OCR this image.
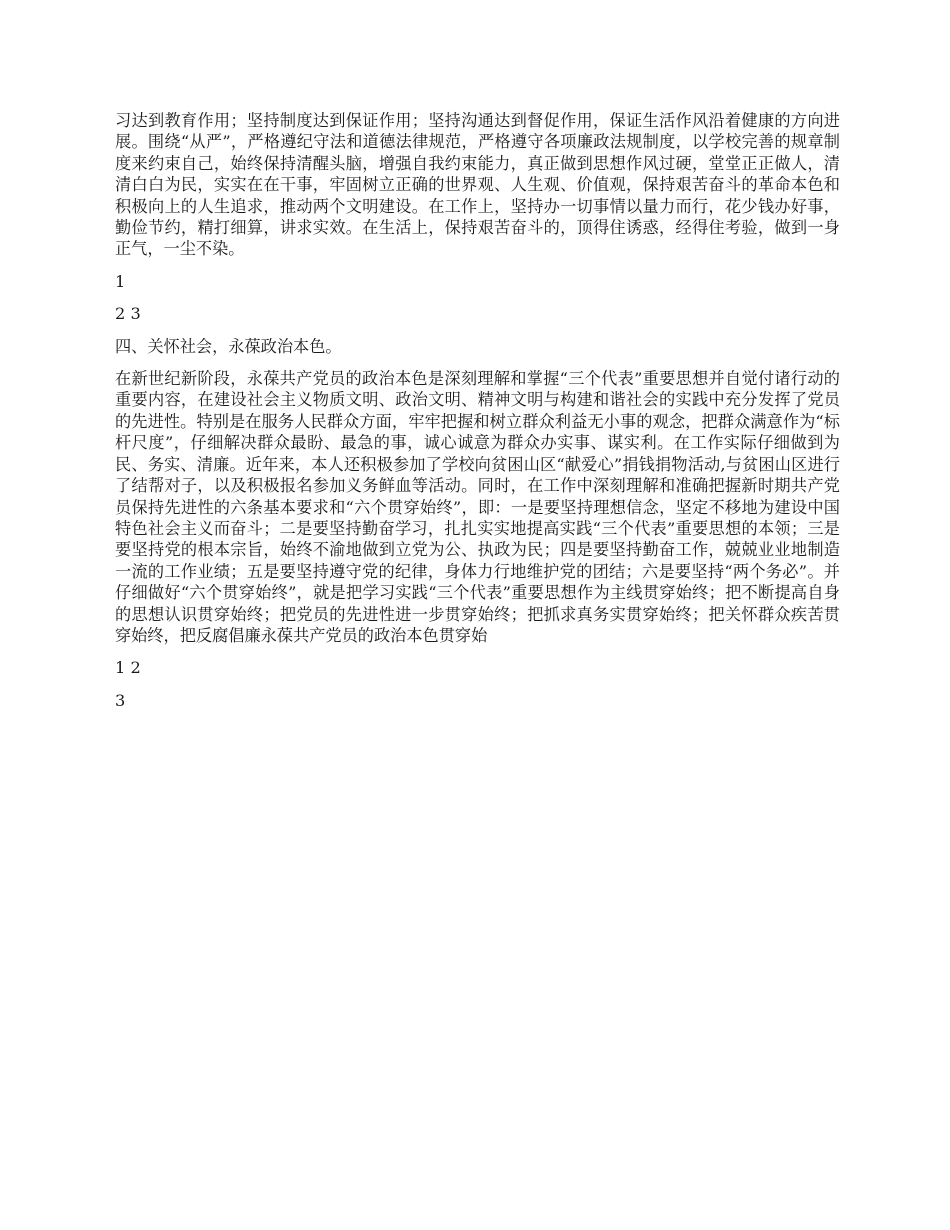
习达到教育作用；坚持制度达到保证作用；坚持沟通达到督促作用，保证生活作风沿着健康的方向进展。围绕“从严”，严格遵纪守法和道德法律规范，严格遵守各项廉政法规制度，以学校完善的规章制度来约束自己，始终保持清醒头脑，增强自我约束能力，真正做到思想作风过硬，堂堂正正做人，清清白白为民，实实在在干事，牢固树立正确的世界观、人生观、价值观，保持艰苦奋斗的革命本色和积极向上的人生追求，推动两个文明建设。在工作上，坚持办一切事情以量力而行，花少钱办好事，勤俭节约，精打细算，讲求实效。在生活上，保持艰苦奋斗的，顶得住诱惑，经得住考验，做到一身正气，一尘不染。

1

2 3

四、关怀社会，永葆政治本色。

在新世纪新阶段，永葆共产党员的政治本色是深刻理解和掌握“三个代表”重要思想并自觉付诸行动的重要内容，在建设社会主义物质文明、政治文明、精神文明与构建和谐社会的实践中充分发挥了党员的先进性。特别是在服务人民群众方面，牢牢把握和树立群众利益无小事的观念，把群众满意作为“标杆尺度”，仔细解决群众最盼、最急的事，诚心诚意为群众办实事、谋实利。在工作实际仔细做到为民、务实、清廉。近年来，本人还积极参加了学校向贫困山区“献爱心”捐钱捐物活动,与贫困山区进行了结帮对子，以及积极报名参加义务鲜血等活动。同时，在工作中深刻理解和准确把握新时期共产党员保持先进性的六条基本要求和“六个贯穿始终”，即：一是要坚持理想信念，坚定不移地为建设中国特色社会主义而奋斗；二是要坚持勤奋学习，扎扎实实地提高实践“三个代表”重要思想的本领；三是要坚持党的根本宗旨，始终不渝地做到立党为公、执政为民；四是要坚持勤奋工作，兢兢业业地制造一流的工作业绩；五是要坚持遵守党的纪律，身体力行地维护党的团结；六是要坚持“两个务必”。并仔细做好“六个贯穿始终”，就是把学习实践“三个代表”重要思想作为主线贯穿始终；把不断提高自身的思想认识贯穿始终；把党员的先进性进一步贯穿始终；把抓求真务实贯穿始终；把关怀群众疾苦贯穿始终，把反腐倡廉永葆共产党员的政治本色贯穿始

1 2

3
